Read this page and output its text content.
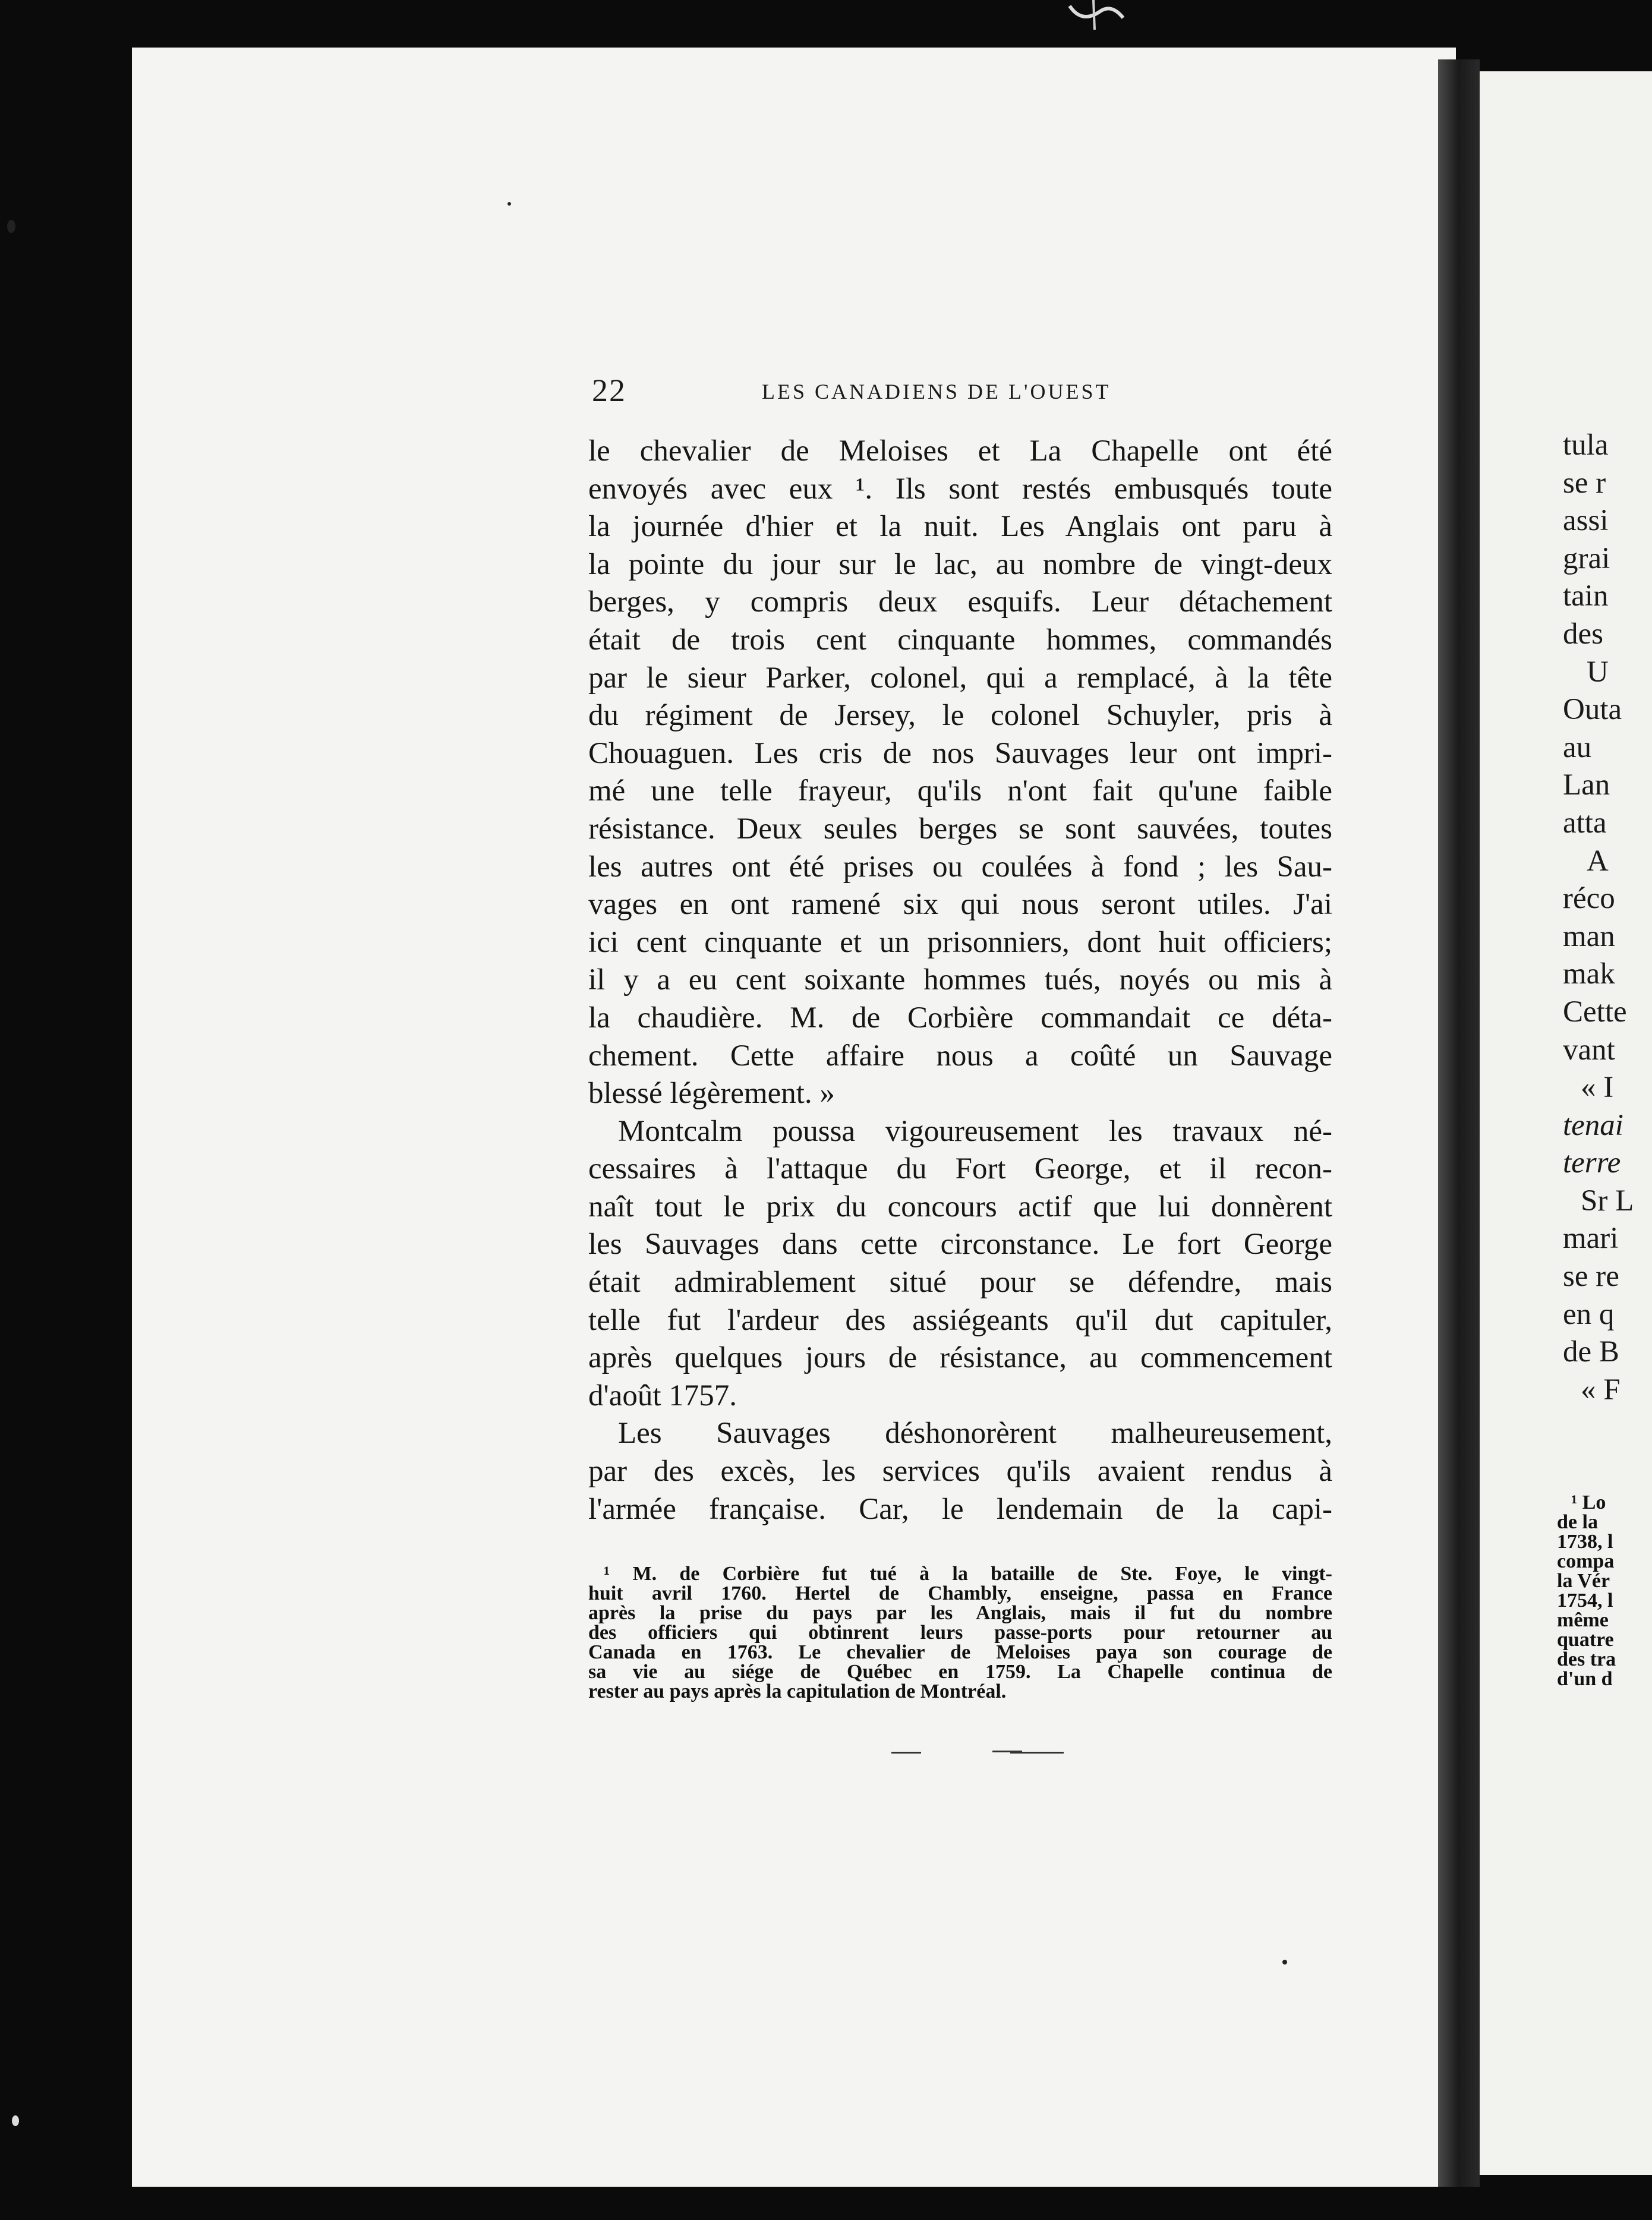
22	LES CANADIENS DE L'OUEST
le chevalier de Meloises et La Chapelle ont été
envoyés avec eux ¹. Ils sont restés embusqués toute
la journée d'hier et la nuit. Les Anglais ont paru à
la pointe du jour sur le lac, au nombre de vingt-deux
berges, y compris deux esquifs. Leur détachement
était de trois cent cinquante hommes, commandés
par le sieur Parker, colonel, qui a remplacé, à la tête
du régiment de Jersey, le colonel Schuyler, pris à
Chouaguen. Les cris de nos Sauvages leur ont impri-
mé une telle frayeur, qu'ils n'ont fait qu'une faible
résistance. Deux seules berges se sont sauvées, toutes
les autres ont été prises ou coulées à fond ; les Sau-
vages en ont ramené six qui nous seront utiles. J'ai
ici cent cinquante et un prisonniers, dont huit officiers;
il y a eu cent soixante hommes tués, noyés ou mis à
la chaudière. M. de Corbière commandait ce déta-
chement. Cette affaire nous a coûté un Sauvage
blessé légèrement. »
Montcalm poussa vigoureusement les travaux né-
cessaires à l'attaque du Fort George, et il recon-
naît tout le prix du concours actif que lui donnèrent
les Sauvages dans cette circonstance. Le fort George
était admirablement situé pour se défendre, mais
telle fut l'ardeur des assiégeants qu'il dut capituler,
après quelques jours de résistance, au commencement
d'août 1757.
Les Sauvages déshonorèrent malheureusement,
par des excès, les services qu'ils avaient rendus à
l'armée française. Car, le lendemain de la capi-
¹ M. de Corbière fut tué à la bataille de Ste. Foye, le vingt-
huit avril 1760. Hertel de Chambly, enseigne, passa en France
après la prise du pays par les Anglais, mais il fut du nombre
des officiers qui obtinrent leurs passe-ports pour retourner au
Canada en 1763. Le chevalier de Meloises paya son courage de
sa vie au siége de Québec en 1759. La Chapelle continua de
rester au pays après la capitulation de Montréal.
tula
se r
assi
grai
tain
des
U
Outa
au
Lan
atta
A
réco
man
mak
Cette
vant
« I
tenai
terre
Sr L
mari
se re
en q
de B
« F
¹ Lo
de la
1738, l
compa
la Vér
1754, l
même
quatre
des tra
d'un d
